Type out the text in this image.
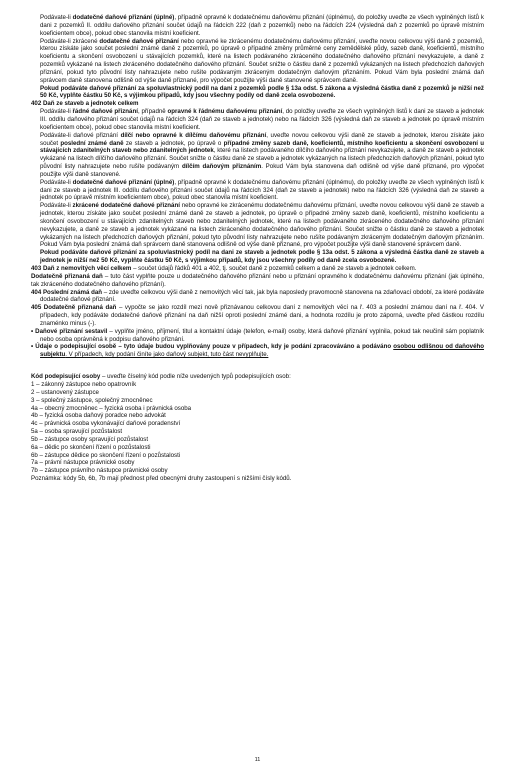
Podávate-li dodatečné daňové přiznání (úplné), případně opravné k dodatečnému daňovému přiznání (úplnému), do položky uveďte ze všech vyplněných listů k dani z pozemků II. oddílu daňového přiznání součet údajů na řádcích 222 (daň z pozemků) nebo na řádcích 224 (výsledná daň z pozemků po úpravě místním koeficientem obce), pokud obec stanovila místní koeficient.

Podáváte-li zkrácené dodatečné daňové přiznání nebo opravné ke zkrácenému dodatečnému daňovému přiznání, uveďte novou celkovou výši daně z pozemků, kterou získáte jako součet poslední známé daně z pozemků, po úpravě o případné změny průměrné ceny zemědělské půdy, sazeb daně, koeficientů, místního koeficientu a skončení osvobození u stávajících pozemků, které na listech podávaného zkráceného dodatečného daňového přiznání nevykazujete, a daně z pozemků vykázané na listech zkráceného dodatečného daňového přiznání. Součet snižte o částku daně z pozemků vykázaných na listech předchozích daňových přiznání, pokud tyto původní listy nahrazujete nebo rušíte podávaným zkráceným dodatečným daňovým přiznáním. Pokud Vám byla poslední známá daň správcem daně stanovena odlišně od výše daně přiznané, pro výpočet použijte výši daně stanovené správcem daně.

Pokud podáváte daňové přiznání za spoluvlastnický podíl na dani z pozemků podle § 13a odst. 5 zákona a výsledná částka daně z pozemků je nižší než 50 Kč, vyplňte částku 50 Kč, s výjimkou případů, kdy jsou všechny podíly od daně zcela osvobozené.

402 Daň ze staveb a jednotek celkem

Podáváte-li řádné daňové přiznání, případně opravné k řádnému daňovému přiznání, do položky uveďte ze všech vyplněných listů k dani ze staveb a jednotek III. oddílu daňového přiznání součet údajů na řádcích 324 (daň ze staveb a jednotek) nebo na řádcích 326 (výsledná daň ze staveb a jednotek po úpravě místním koeficientem obce), pokud obec stanovila místní koeficient.

Podáváte-li daňové přiznání dílčí nebo opravné k dílčímu daňovému přiznání, uveďte novou celkovou výši daně ze staveb a jednotek, kterou získáte jako součet poslední známé daně ze staveb a jednotek, po úpravě o případné změny sazeb daně, koeficientů, místního koeficientu a skončení osvobození u stávajících zdanitelných staveb nebo zdanitelných jednotek, které na listech podávaného dílčího daňového přiznání nevykazujete, a daně ze staveb a jednotek vykázané na listech dílčího daňového přiznání. Součet snižte o částku daně ze staveb a jednotek vykázaných na listech předchozích daňových přiznání, pokud tyto původní listy nahrazujete nebo rušíte podávaným dílčím daňovým přiznáním. Pokud Vám byla stanovena daň odlišně od výše daně přiznané, pro výpočet použijte výši daně stanovené.

Podáváte-li dodatečné daňové přiznání (úplné), případně opravné k dodatečnému daňovému přiznání (úplnému), do položky uveďte ze všech vyplněných listů k dani ze staveb a jednotek III. oddílu daňového přiznání součet údajů na řádcích 324 (daň ze staveb a jednotek) nebo na řádcích 326 (výsledná daň ze staveb a jednotek po úpravě místním koeficientem obce), pokud obec stanovila místní koeficient.

Podáváte-li zkrácené dodatečné daňové přiznání nebo opravné ke zkrácenému dodatečnému daňovému přiznání, uveďte novou celkovou výši daně ze staveb a jednotek, kterou získáte jako součet poslední známé daně ze staveb a jednotek, po úpravě o případné změny sazeb daně, koeficientů, místního koeficientu a skončení osvobození u stávajících zdanitelných staveb nebo zdanitelných jednotek, které na listech podávaného zkráceného dodatečného daňového přiznání nevykazujete, a daně ze staveb a jednotek vykázané na listech zkráceného dodatečného daňového přiznání. Součet snižte o částku daně ze staveb a jednotek vykázaných na listech předchozích daňových přiznání, pokud tyto původní listy nahrazujete nebo rušíte podávaným zkráceným dodatečným daňovým přiznáním. Pokud Vám byla poslední známá daň správcem daně stanovena odlišně od výše daně přiznané, pro výpočet použijte výši daně stanovené správcem daně.

Pokud podáváte daňové přiznání za spoluvlastnický podíl na dani ze staveb a jednotek podle § 13a odst. 5 zákona a výsledná částka daně ze staveb a jednotek je nižší než 50 Kč, vyplňte částku 50 Kč, s výjimkou případů, kdy jsou všechny podíly od daně zcela osvobozené.

403 Daň z nemovitých věcí celkem – součet údajů řádků 401 a 402, tj. součet daně z pozemků celkem a daně ze staveb a jednotek celkem.

Dodatečně přiznaná daň – tuto část vyplňte pouze u dodatečného daňového přiznání nebo u přiznání opravného k dodatečnému daňovému přiznání (jak úplného, tak zkráceného dodatečného daňového přiznání).

404 Poslední známá daň – zde uveďte celkovou výši daně z nemovitých věcí tak, jak byla naposledy pravomocně stanovena na zdaňovací období, za které podáváte dodatečné daňové přiznání.

405 Dodatečně přiznaná daň – vypočte se jako rozdíl mezi nově přiznávanou celkovou daní z nemovitých věcí na ř. 403 a poslední známou daní na ř. 404. V případech, kdy podáváte dodatečné daňové přiznání na daň nižší oproti poslední známé dani, a hodnota rozdílu je proto záporná, uveďte před částkou rozdílu znaménko minus (-).

• Daňové přiznání sestavil – vyplňte jméno, příjmení, titul a kontaktní údaje (telefon, e-mail) osoby, která daňové přiznání vyplnila, pokud tak neučinil sám poplatník nebo osoba oprávněná k podpisu daňového přiznání.

• Údaje o podepisující osobě – tyto údaje budou vyplňovány pouze v případech, kdy je podání zpracováváno a podáváno osobou odlišnou od daňového subjektu. V případech, kdy podání činíte jako daňový subjekt, tuto část nevyplňujte.

Kód podepisující osoby – uveďte číselný kód podle níže uvedených typů podepisujících osob:

1 – zákonný zástupce nebo opatrovník

2 – ustanovený zástupce

3 – společný zástupce, společný zmocněnec

4a – obecný zmocněnec – fyzická osoba i právnická osoba

4b – fyzická osoba daňový poradce nebo advokát

4c – právnická osoba vykonávající daňové poradenství

5a – osoba spravující pozůstalost

5b – zástupce osoby spravující pozůstalost

6a – dědic po skončení řízení o pozůstalosti

6b – zástupce dědice po skončení řízení o pozůstalosti

7a – právní nástupce právnické osoby

7b – zástupce právního nástupce právnické osoby

Poznámka: kódy 5b, 6b, 7b mají přednost před obecnými druhy zastoupení s nižšími čísly kódů.

11
